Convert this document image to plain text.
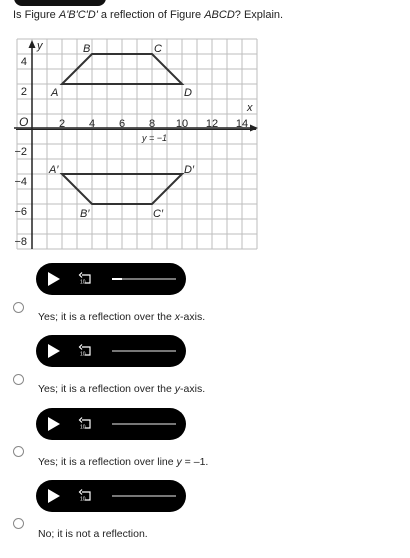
Is Figure A'B'C'D' a reflection of Figure ABCD? Explain.
y
x
O	2 4 6 8 10 12 14
4
2
−2
−4
−6
−8
y = −1
A
B	C
D
A′
B′	C′
D′
10
Yes; it is a reflection over the x-axis.
10
Yes; it is a reflection over the y-axis.
10
Yes; it is a reflection over line y = –1.
10
No; it is not a reflection.
